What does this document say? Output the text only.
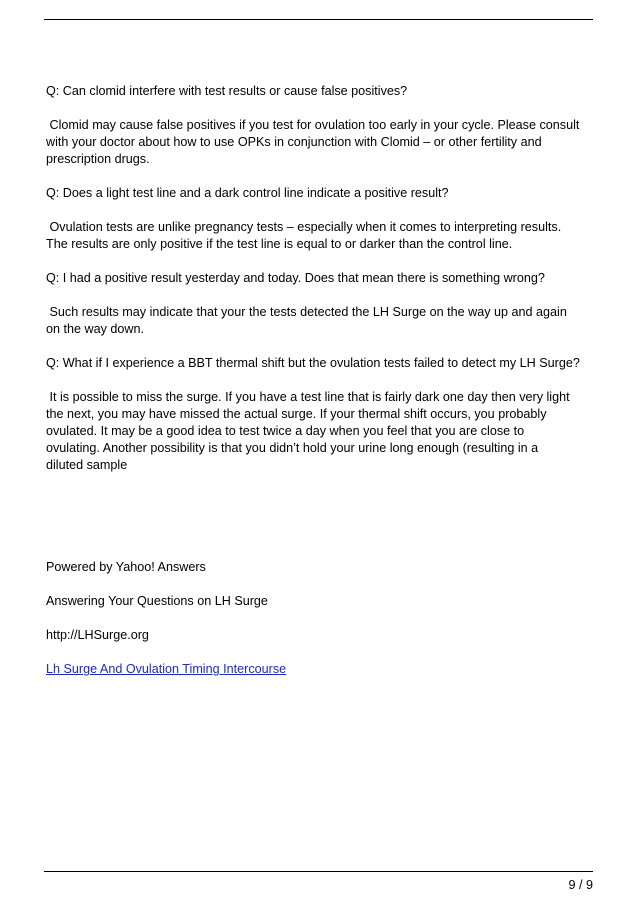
Q: Can clomid interfere with test results or cause false positives?

Clomid may cause false positives if you test for ovulation too early in your cycle. Please consult
with your doctor about how to use OPKs in conjunction with Clomid – or other fertility and
prescription drugs.

Q: Does a light test line and a dark control line indicate a positive result?

Ovulation tests are unlike pregnancy tests – especially when it comes to interpreting results.
The results are only positive if the test line is equal to or darker than the control line.

Q: I had a positive result yesterday and today. Does that mean there is something wrong?

Such results may indicate that your the tests detected the LH Surge on the way up and again
on the way down.

Q: What if I experience a BBT thermal shift but the ovulation tests failed to detect my LH Surge?

It is possible to miss the surge. If you have a test line that is fairly dark one day then very light
the next, you may have missed the actual surge. If your thermal shift occurs, you probably
ovulated. It may be a good idea to test twice a day when you feel that you are close to
ovulating. Another possibility is that you didn’t hold your urine long enough (resulting in a
diluted sample

Powered by Yahoo! Answers

Answering Your Questions on LH Surge

http://LHSurge.org

Lh Surge And Ovulation Timing Intercourse

9 / 9
